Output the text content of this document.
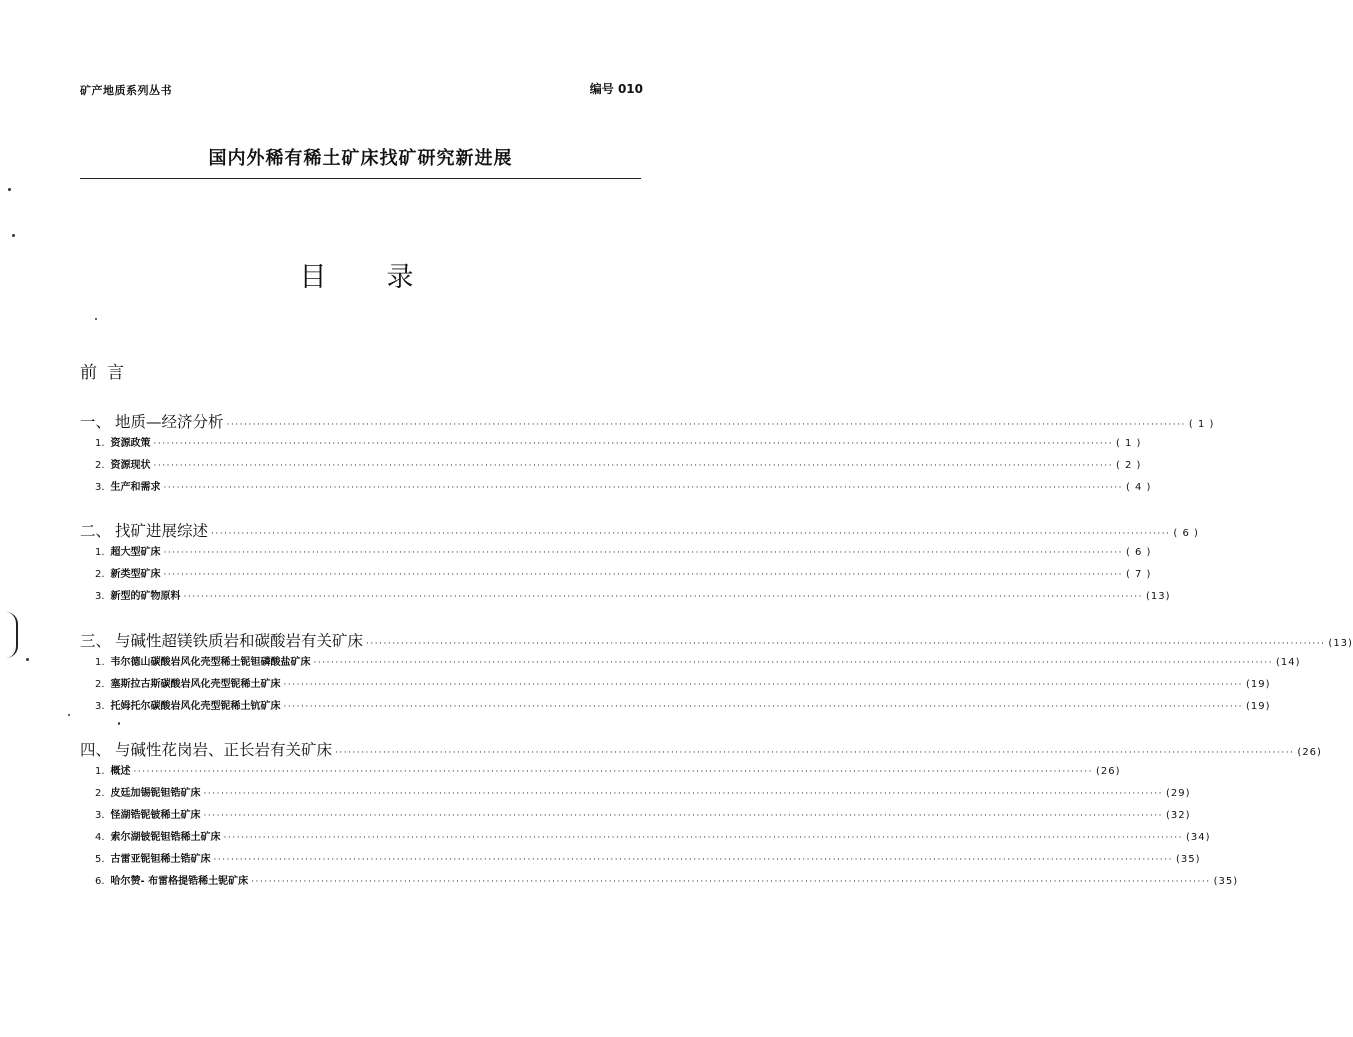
矿产地质系列丛书	编号 010
国内外稀有稀土矿床找矿研究新进展
目 录
前言
一、 地质—经济分析 ···························································································································································································································· ( 1 )
1. 资源政策 ···························································································································································································································· ( 1 )
2. 资源现状 ···························································································································································································································· ( 2 )
3. 生产和需求 ···························································································································································································································· ( 4 )
二、 找矿进展综述 ···························································································································································································································· ( 6 )
1. 超大型矿床 ···························································································································································································································· ( 6 )
2. 新类型矿床 ···························································································································································································································· ( 7 )
3. 新型的矿物原料 ···························································································································································································································· (13)
三、 与碱性超镁铁质岩和碳酸岩有关矿床 ···························································································································································································································· (13)
1. 韦尔德山碳酸岩风化壳型稀土铌钽磷酸盐矿床 ···························································································································································································································· (14)
2. 塞斯拉古斯碳酸岩风化壳型铌稀土矿床 ···························································································································································································································· (19)
3. 托姆托尔碳酸岩风化壳型铌稀土钪矿床 ···························································································································································································································· (19)
四、 与碱性花岗岩、正长岩有关矿床 ···························································································································································································································· (26)
1. 概述 ···························································································································································································································· (26)
2. 皮廷加锡铌钽锆矿床 ···························································································································································································································· (29)
3. 怪湖锆铌铍稀土矿床 ···························································································································································································································· (32)
4. 索尔湖铍铌钽锆稀土矿床 ···························································································································································································································· (34)
5. 古雷亚铌钽稀土锆矿床 ···························································································································································································································· (35)
6. 哈尔赞- 布雷格提锆稀土铌矿床 ···························································································································································································································· (35)
